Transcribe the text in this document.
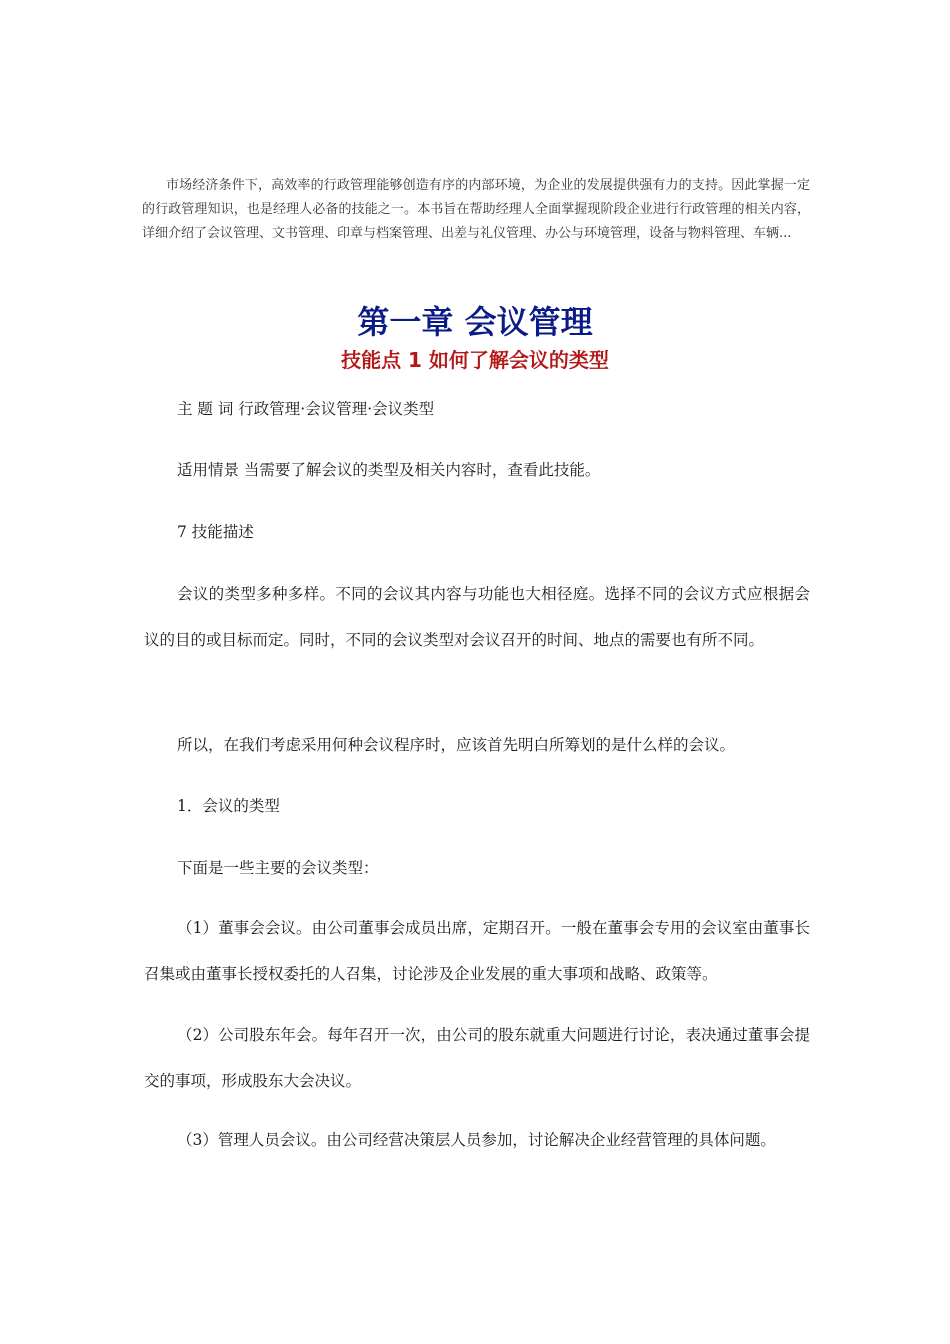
市场经济条件下，高效率的行政管理能够创造有序的内部环境，为企业的发展提供强有力的支持。因此掌握一定的行政管理知识，也是经理人必备的技能之一。本书旨在帮助经理人全面掌握现阶段企业进行行政管理的相关内容，详细介绍了会议管理、文书管理、印章与档案管理、出差与礼仪管理、办公与环境管理，设备与物料管理、车辆...

第一章 会议管理
技能点 1 如何了解会议的类型

主 题 词 行政管理·会议管理·会议类型

适用情景 当需要了解会议的类型及相关内容时，查看此技能。

7 技能描述

会议的类型多种多样。不同的会议其内容与功能也大相径庭。选择不同的会议方式应根据会议的目的或目标而定。同时，不同的会议类型对会议召开的时间、地点的需要也有所不同。

所以，在我们考虑采用何种会议程序时，应该首先明白所筹划的是什么样的会议。

1．会议的类型

下面是一些主要的会议类型：

（1）董事会会议。由公司董事会成员出席，定期召开。一般在董事会专用的会议室由董事长召集或由董事长授权委托的人召集，讨论涉及企业发展的重大事项和战略、政策等。

（2）公司股东年会。每年召开一次，由公司的股东就重大问题进行讨论，表决通过董事会提交的事项，形成股东大会决议。

（3）管理人员会议。由公司经营决策层人员参加，讨论解决企业经营管理的具体问题。
